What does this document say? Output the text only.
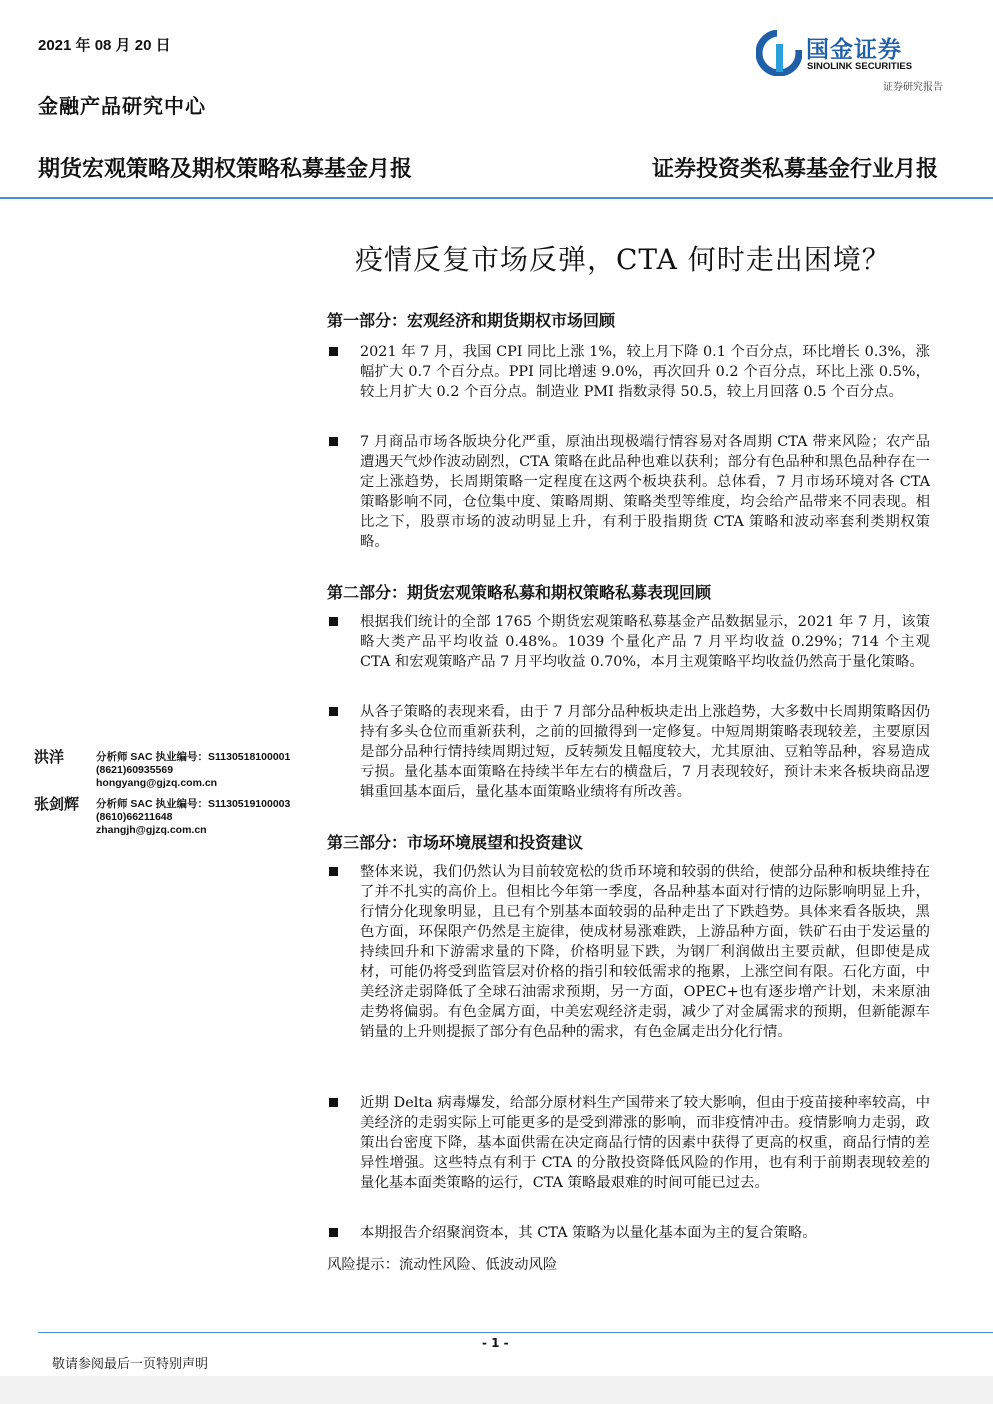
2021 年 08 月 20 日
金融产品研究中心
国金证券
SINOLINK SECURITIES
证券研究报告
期货宏观策略及期权策略私募基金月报	证券投资类私募基金行业月报
疫情反复市场反弹，CTA 何时走出困境？
第一部分：宏观经济和期货期权市场回顾
2021 年 7 月，我国 CPI 同比上涨 1%，较上月下降 0.1 个百分点，环比增长 0.3%，涨幅扩大 0.7 个百分点。PPI 同比增速 9.0%，再次回升 0.2 个百分点，环比上涨 0.5%，较上月扩大 0.2 个百分点。制造业 PMI 指数录得 50.5，较上月回落 0.5 个百分点。
7 月商品市场各版块分化严重，原油出现极端行情容易对各周期 CTA 带来风险；农产品遭遇天气炒作波动剧烈，CTA 策略在此品种也难以获利；部分有色品种和黑色品种存在一定上涨趋势，长周期策略一定程度在这两个板块获利。总体看，7 月市场环境对各 CTA 策略影响不同，仓位集中度、策略周期、策略类型等维度，均会给产品带来不同表现。相比之下，股票市场的波动明显上升，有利于股指期货 CTA 策略和波动率套利类期权策略。
第二部分：期货宏观策略私募和期权策略私募表现回顾
根据我们统计的全部 1765 个期货宏观策略私募基金产品数据显示，2021 年 7 月，该策略大类产品平均收益 0.48%。1039 个量化产品 7 月平均收益 0.29%；714 个主观 CTA 和宏观策略产品 7 月平均收益 0.70%，本月主观策略平均收益仍然高于量化策略。
从各子策略的表现来看，由于 7 月部分品种板块走出上涨趋势，大多数中长周期策略因仍持有多头仓位而重新获利，之前的回撤得到一定修复。中短周期策略表现较差，主要原因是部分品种行情持续周期过短，反转频发且幅度较大，尤其原油、豆粕等品种，容易造成亏损。量化基本面策略在持续半年左右的横盘后，7 月表现较好，预计未来各板块商品逻辑重回基本面后，量化基本面策略业绩将有所改善。
第三部分：市场环境展望和投资建议
整体来说，我们仍然认为目前较宽松的货币环境和较弱的供给，使部分品种和板块维持在了并不扎实的高价上。但相比今年第一季度，各品种基本面对行情的边际影响明显上升，行情分化现象明显，且已有个别基本面较弱的品种走出了下跌趋势。具体来看各版块，黑色方面，环保限产仍然是主旋律，使成材易涨难跌，上游品种方面，铁矿石由于发运量的持续回升和下游需求量的下降，价格明显下跌，为钢厂利润做出主要贡献，但即使是成材，可能仍将受到监管层对价格的指引和较低需求的拖累，上涨空间有限。石化方面，中美经济走弱降低了全球石油需求预期，另一方面，OPEC+也有逐步增产计划，未来原油走势将偏弱。有色金属方面，中美宏观经济走弱，减少了对金属需求的预期，但新能源车销量的上升则提振了部分有色品种的需求，有色金属走出分化行情。
近期 Delta 病毒爆发，给部分原材料生产国带来了较大影响，但由于疫苗接种率较高，中美经济的走弱实际上可能更多的是受到滞涨的影响，而非疫情冲击。疫情影响力走弱，政策出台密度下降，基本面供需在决定商品行情的因素中获得了更高的权重，商品行情的差异性增强。这些特点有利于 CTA 的分散投资降低风险的作用，也有利于前期表现较差的量化基本面类策略的运行，CTA 策略最艰难的时间可能已过去。
本期报告介绍聚润资本，其 CTA 策略为以量化基本面为主的复合策略。
风险提示：流动性风险、低波动风险
洪洋	分析师 SAC 执业编号：S1130518100001
(8621)60935569
hongyang@gjzq.com.cn
张剑辉 分析师 SAC 执业编号：S1130519100003
(8610)66211648
zhangjh@gjzq.com.cn
- 1 -
敬请参阅最后一页特别声明
